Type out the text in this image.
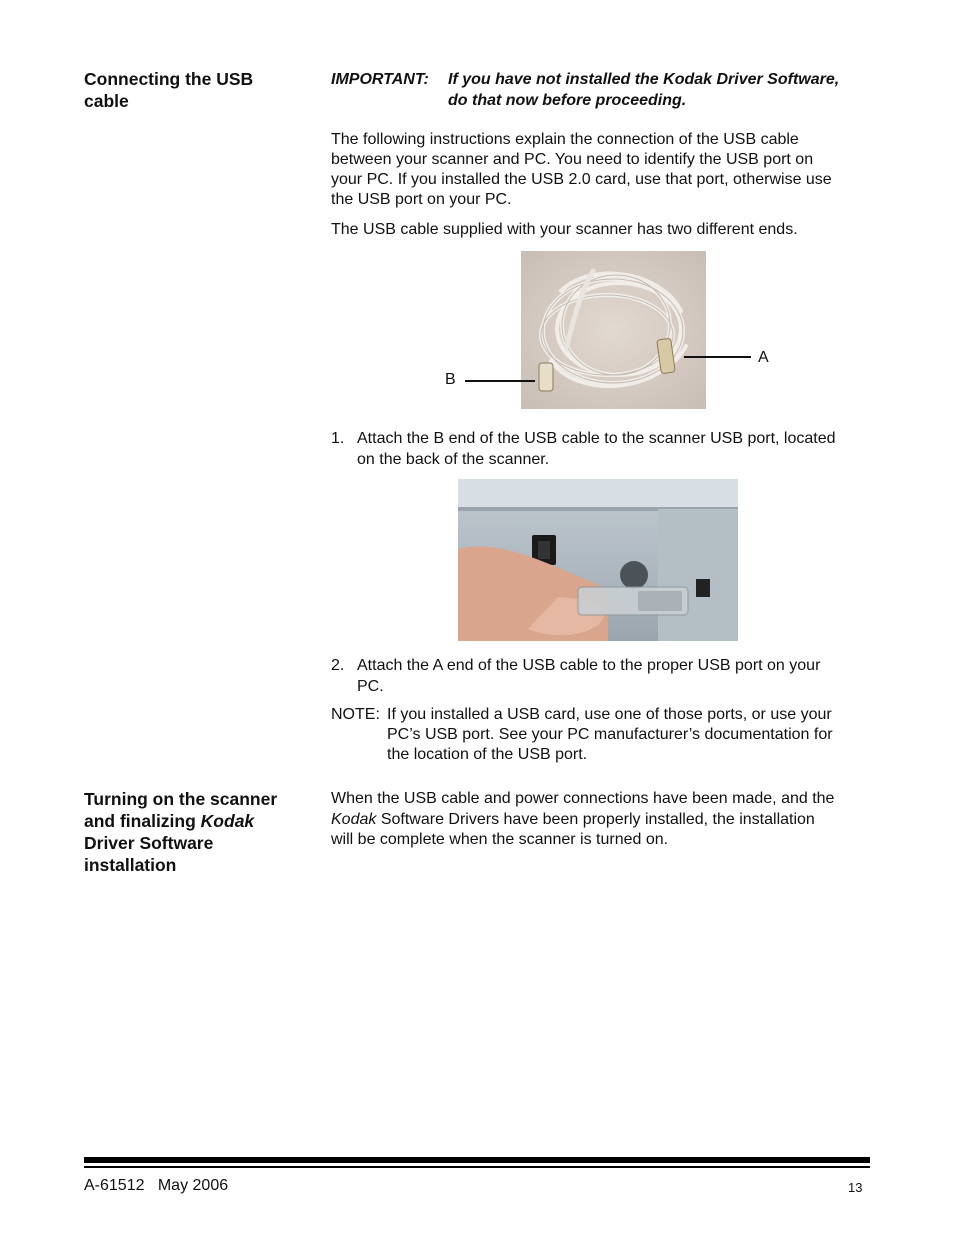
Connecting the USB
cable
IMPORTANT: If you have not installed the Kodak Driver Software,
do that now before proceeding.
The following instructions explain the connection of the USB cable
between your scanner and PC. You need to identify the USB port on
your PC. If you installed the USB 2.0 card, use that port, otherwise use
the USB port on your PC.
The USB cable supplied with your scanner has two different ends.
A
B
1. Attach the B end of the USB cable to the scanner USB port, located
on the back of the scanner.
2. Attach the A end of the USB cable to the proper USB port on your
PC.
NOTE: If you installed a USB card, use one of those ports, or use your
PC’s USB port. See your PC manufacturer’s documentation for
the location of the USB port.
Turning on the scanner
and finalizing Kodak
Driver Software
installation
When the USB cable and power connections have been made, and the
Kodak Software Drivers have been properly installed, the installation
will be complete when the scanner is turned on.
A-61512 May 2006	13
